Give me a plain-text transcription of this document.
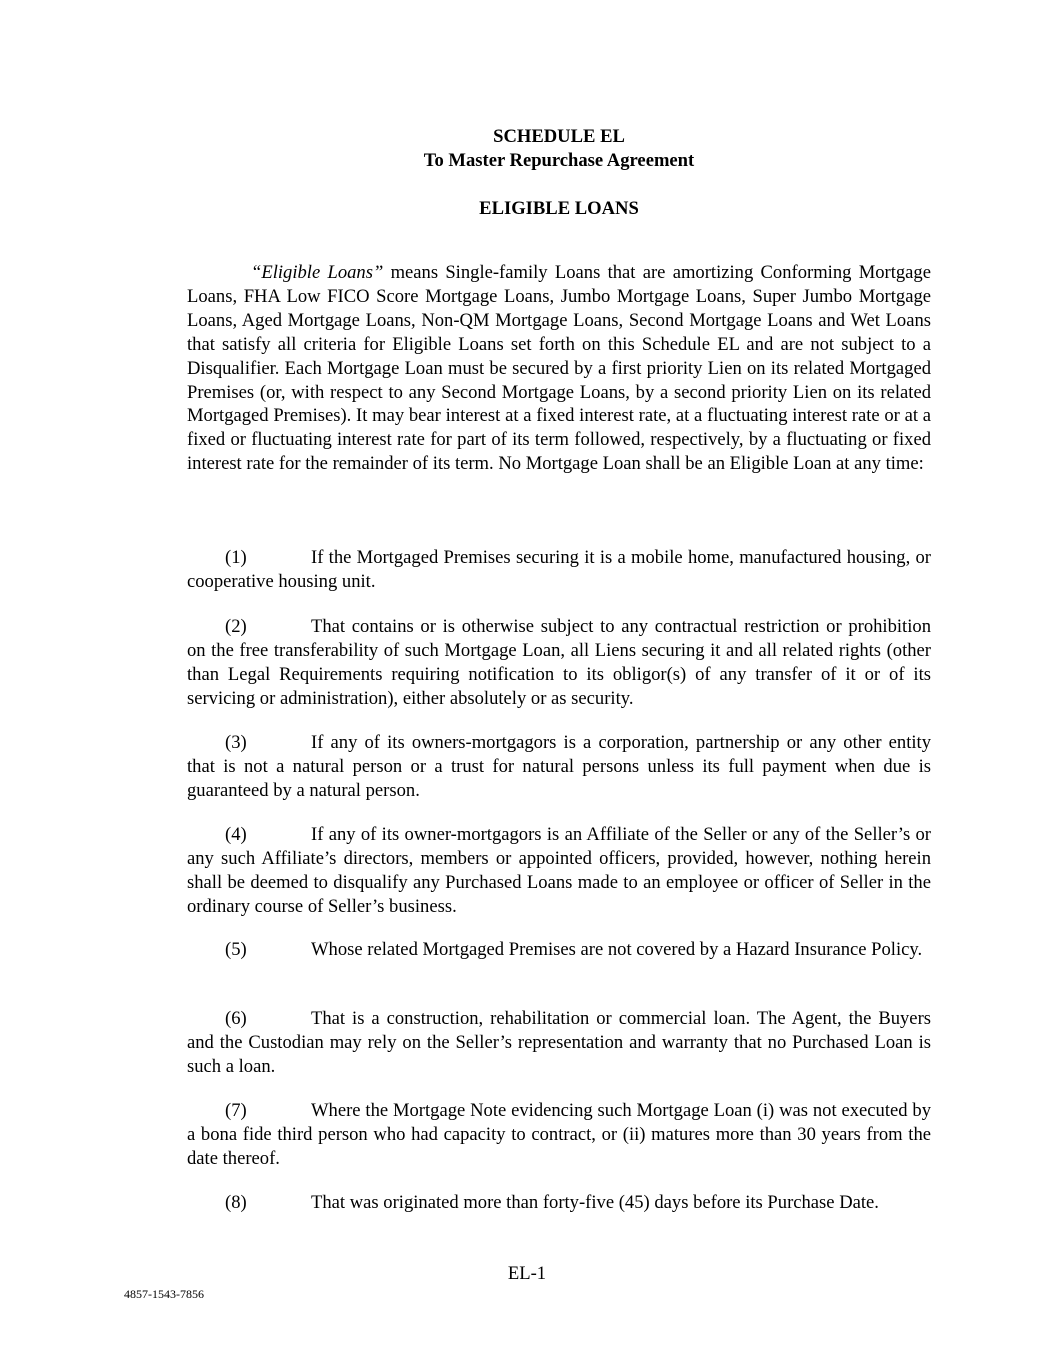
SCHEDULE EL
To Master Repurchase Agreement
ELIGIBLE LOANS

“Eligible Loans” means Single-family Loans that are amortizing Conforming Mortgage Loans, FHA Low FICO Score Mortgage Loans, Jumbo Mortgage Loans, Super Jumbo Mortgage Loans, Aged Mortgage Loans, Non-QM Mortgage Loans, Second Mortgage Loans and Wet Loans that satisfy all criteria for Eligible Loans set forth on this Schedule EL and are not subject to a Disqualifier. Each Mortgage Loan must be secured by a first priority Lien on its related Mortgaged Premises (or, with respect to any Second Mortgage Loans, by a second priority Lien on its related Mortgaged Premises). It may bear interest at a fixed interest rate, at a fluctuating interest rate or at a fixed or fluctuating interest rate for part of its term followed, respectively, by a fluctuating or fixed interest rate for the remainder of its term. No Mortgage Loan shall be an Eligible Loan at any time:

(1)	If the Mortgaged Premises securing it is a mobile home, manufactured housing, or cooperative housing unit.

(2)	That contains or is otherwise subject to any contractual restriction or prohibition on the free transferability of such Mortgage Loan, all Liens securing it and all related rights (other than Legal Requirements requiring notification to its obligor(s) of any transfer of it or of its servicing or administration), either absolutely or as security.

(3)	If any of its owners-mortgagors is a corporation, partnership or any other entity that is not a natural person or a trust for natural persons unless its full payment when due is guaranteed by a natural person.

(4)	If any of its owner-mortgagors is an Affiliate of the Seller or any of the Seller’s or any such Affiliate’s directors, members or appointed officers, provided, however, nothing herein shall be deemed to disqualify any Purchased Loans made to an employee or officer of Seller in the ordinary course of Seller’s business.

(5)	Whose related Mortgaged Premises are not covered by a Hazard Insurance Policy.

(6)	That is a construction, rehabilitation or commercial loan. The Agent, the Buyers and the Custodian may rely on the Seller’s representation and warranty that no Purchased Loan is such a loan.

(7)	Where the Mortgage Note evidencing such Mortgage Loan (i) was not executed by a bona fide third person who had capacity to contract, or (ii) matures more than 30 years from the date thereof.

(8)	That was originated more than forty-five (45) days before its Purchase Date.

EL-1
4857-1543-7856
